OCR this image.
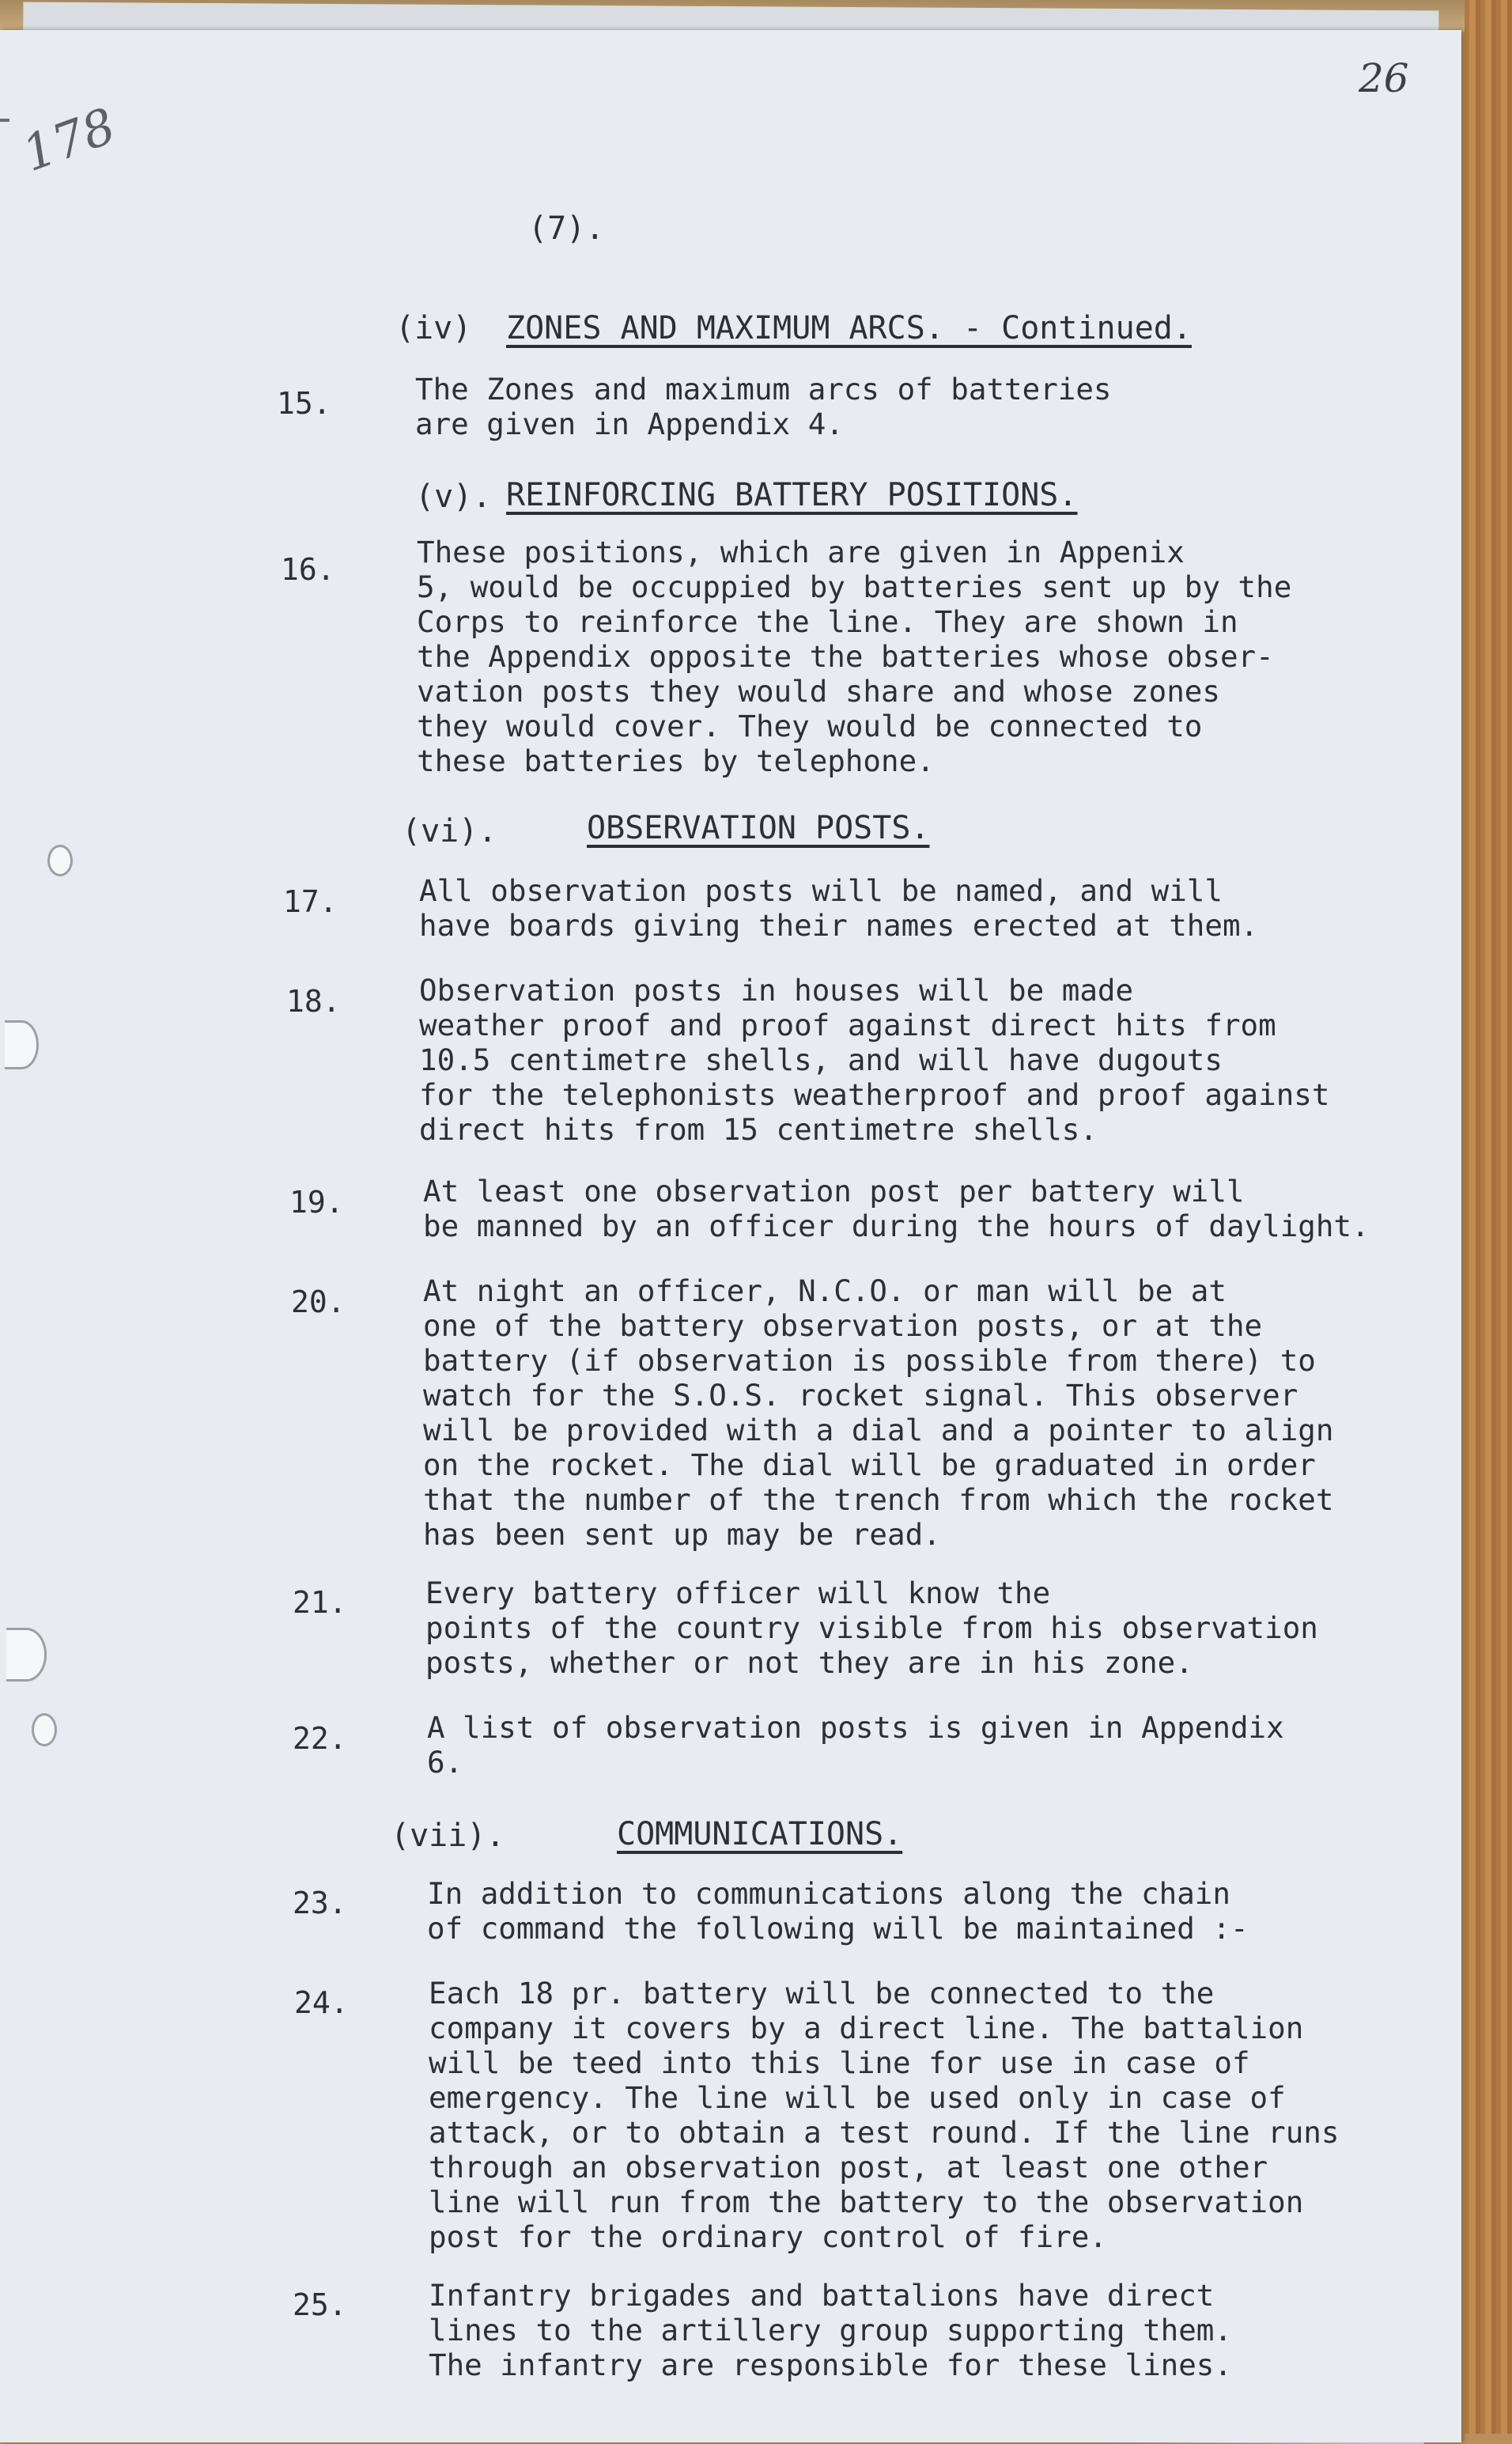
178
26
(7).
(iv) ZONES AND MAXIMUM ARCS. - Continued.
15.	The Zones and maximum arcs of batteries
are given in Appendix 4.
(v). REINFORCING BATTERY POSITIONS.
16.	These positions, which are given in Appenix
5, would be occuppied by batteries sent up by the
Corps to reinforce the line. They are shown in
the Appendix opposite the batteries whose obser-
vation posts they would share and whose zones
they would cover. They would be connected to
these batteries by telephone.
(vi).	OBSERVATION POSTS.
17.	All observation posts will be named, and will
have boards giving their names erected at them.
18.	Observation posts in houses will be made
weather proof and proof against direct hits from
10.5 centimetre shells, and will have dugouts
for the telephonists weatherproof and proof against
direct hits from 15 centimetre shells.
19.	At least one observation post per battery will
be manned by an officer during the hours of daylight.
20.	At night an officer, N.C.O. or man will be at
one of the battery observation posts, or at the
battery (if observation is possible from there) to
watch for the S.O.S. rocket signal. This observer
will be provided with a dial and a pointer to align
on the rocket. The dial will be graduated in order
that the number of the trench from which the rocket
has been sent up may be read.
21.	Every battery officer will know the
points of the country visible from his observation
posts, whether or not they are in his zone.
22.	A list of observation posts is given in Appendix
6.
(vii).	COMMUNICATIONS.
23.	In addition to communications along the chain
of command the following will be maintained :-
24.	Each 18 pr. battery will be connected to the
company it covers by a direct line. The battalion
will be teed into this line for use in case of
emergency. The line will be used only in case of
attack, or to obtain a test round. If the line runs
through an observation post, at least one other
line will run from the battery to the observation
post for the ordinary control of fire.
25.	Infantry brigades and battalions have direct
lines to the artillery group supporting them.
The infantry are responsible for these lines.
